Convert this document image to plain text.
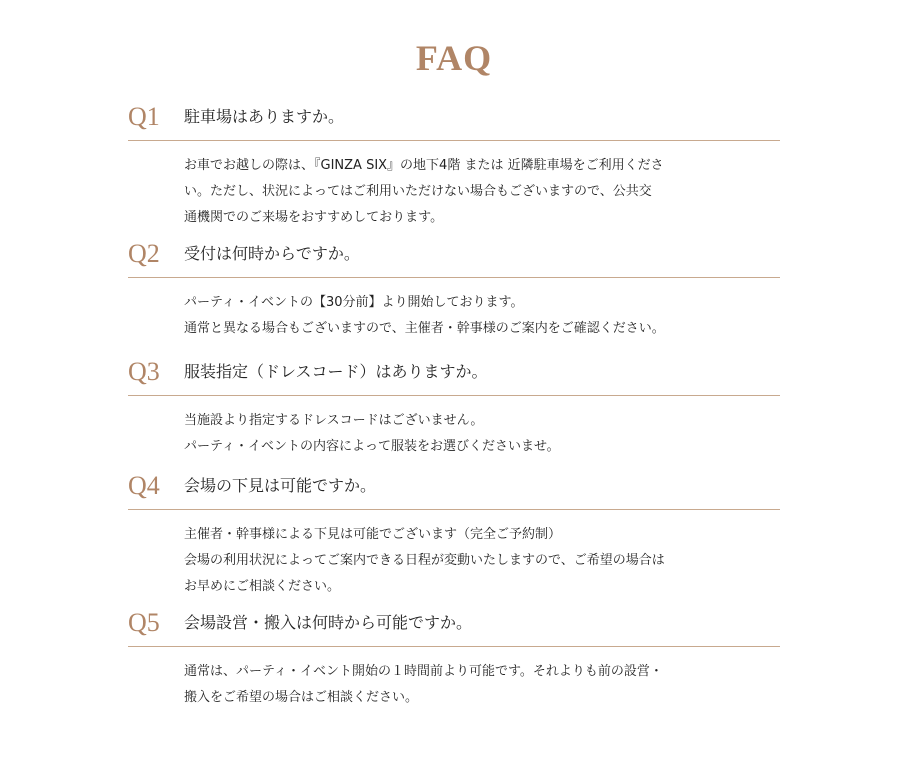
FAQ
Q1 駐車場はありますか。

お車でお越しの際は、『GINZA SIX』の地下4階 または 近隣駐車場をご利用くださ

い。ただし、状況によってはご利用いただけない場合もございますので、公共交

通機関でのご来場をおすすめしております。

Q2 受付は何時からですか。

パーティ・イベントの【30分前】より開始しております。

通常と異なる場合もございますので、主催者・幹事様のご案内をご確認ください。

Q3 服装指定（ドレスコード）はありますか。

当施設より指定するドレスコードはございません。

パーティ・イベントの内容によって服装をお選びくださいませ。

Q4 会場の下見は可能ですか。

主催者・幹事様による下見は可能でございます（完全ご予約制）

会場の利用状況によってご案内できる日程が変動いたしますので、ご希望の場合は

お早めにご相談ください。

Q5 会場設営・搬入は何時から可能ですか。

通常は、パーティ・イベント開始の１時間前より可能です。それよりも前の設営・

搬入をご希望の場合はご相談ください。
